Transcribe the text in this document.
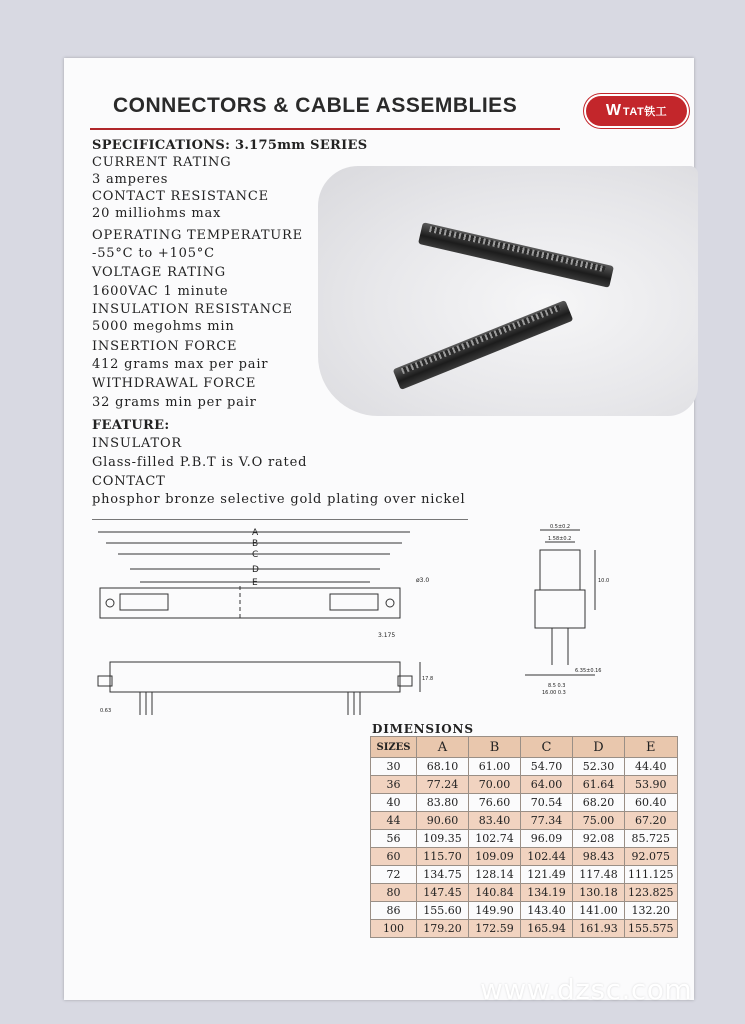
CONNECTORS & CABLE ASSEMBLIES	W TAT铁工
SPECIFICATIONS: 3.175mm SERIES
CURRENT RATING
3 amperes
CONTACT RESISTANCE
20 milliohms max
OPERATING TEMPERATURE
-55°C to +105°C
VOLTAGE RATING
1600VAC 1 minute
INSULATION RESISTANCE
5000 megohms min
INSERTION FORCE
412 grams max per pair
WITHDRAWAL FORCE
32 grams min per pair
FEATURE:
INSULATOR
Glass-filled P.B.T is V.O rated
CONTACT
phosphor bronze selective gold plating over nickel
A
B
C
D
E	ø3.0
3.175
0.5±0.2
1.58±0.2
10.0
6.35±0.16
17.8
0.63
8.5 0.3
16.00 0.3
DIMENSIONS
SIZES	A	B	C	D	E
30	68.10	61.00	54.70	52.30	44.40
36	77.24	70.00	64.00	61.64	53.90
40	83.80	76.60	70.54	68.20	60.40
44	90.60	83.40	77.34	75.00	67.20
56	109.35	102.74	96.09	92.08	85.725
60	115.70	109.09	102.44	98.43	92.075
72	134.75	128.14	121.49	117.48	111.125
80	147.45	140.84	134.19	130.18	123.825
86	155.60	149.90	143.40	141.00	132.20
100	179.20	172.59	165.94	161.93	155.575
www.dzsc.com
